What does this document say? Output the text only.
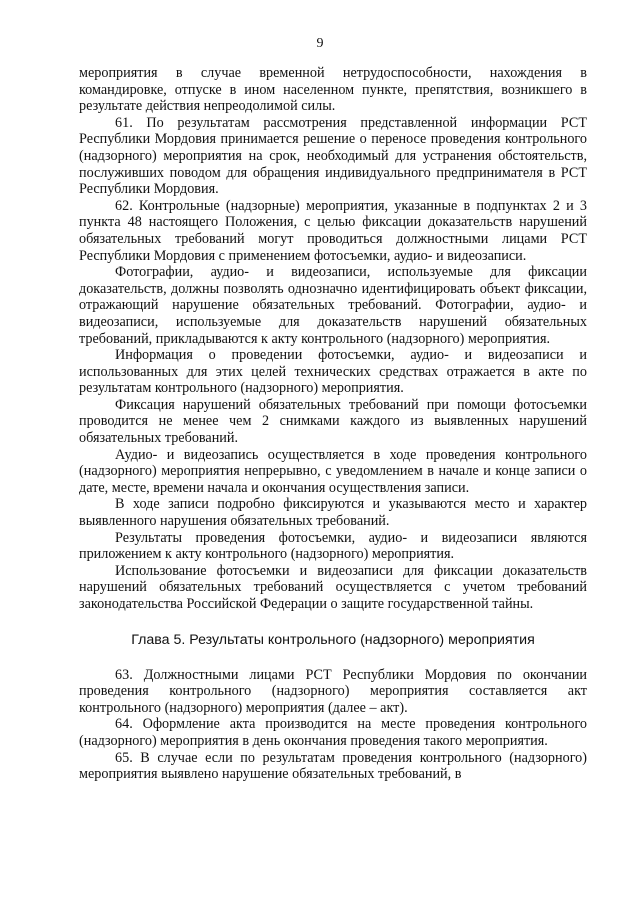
9

мероприятия в случае временной нетрудоспособности, нахождения в командировке, отпуске в ином населенном пункте, препятствия, возникшего в результате действия непреодолимой силы.

61. По результатам рассмотрения представленной информации РСТ Республики Мордовия принимается решение о переносе проведения контрольного (надзорного) мероприятия на срок, необходимый для устранения обстоятельств, послуживших поводом для обращения индивидуального предпринимателя в РСТ Республики Мордовия.

62. Контрольные (надзорные) мероприятия, указанные в подпунктах 2 и 3 пункта 48 настоящего Положения, с целью фиксации доказательств нарушений обязательных требований могут проводиться должностными лицами РСТ Республики Мордовия с применением фотосъемки, аудио- и видеозаписи.

Фотографии, аудио- и видеозаписи, используемые для фиксации доказательств, должны позволять однозначно идентифицировать объект фиксации, отражающий нарушение обязательных требований. Фотографии, аудио- и видеозаписи, используемые для доказательств нарушений обязательных требований, прикладываются к акту контрольного (надзорного) мероприятия.

Информация о проведении фотосъемки, аудио- и видеозаписи и использованных для этих целей технических средствах отражается в акте по результатам контрольного (надзорного) мероприятия.

Фиксация нарушений обязательных требований при помощи фотосъемки проводится не менее чем 2 снимками каждого из выявленных нарушений обязательных требований.

Аудио- и видеозапись осуществляется в ходе проведения контрольного (надзорного) мероприятия непрерывно, с уведомлением в начале и конце записи о дате, месте, времени начала и окончания осуществления записи.

В ходе записи подробно фиксируются и указываются место и характер выявленного нарушения обязательных требований.

Результаты проведения фотосъемки, аудио- и видеозаписи являются приложением к акту контрольного (надзорного) мероприятия.

Использование фотосъемки и видеозаписи для фиксации доказательств нарушений обязательных требований осуществляется с учетом требований законодательства Российской Федерации о защите государственной тайны.

Глава 5. Результаты контрольного (надзорного) мероприятия

63. Должностными лицами РСТ Республики Мордовия по окончании проведения контрольного (надзорного) мероприятия составляется акт контрольного (надзорного) мероприятия (далее – акт).

64. Оформление акта производится на месте проведения контрольного (надзорного) мероприятия в день окончания проведения такого мероприятия.

65. В случае если по результатам проведения контрольного (надзорного) мероприятия выявлено нарушение обязательных требований, в
